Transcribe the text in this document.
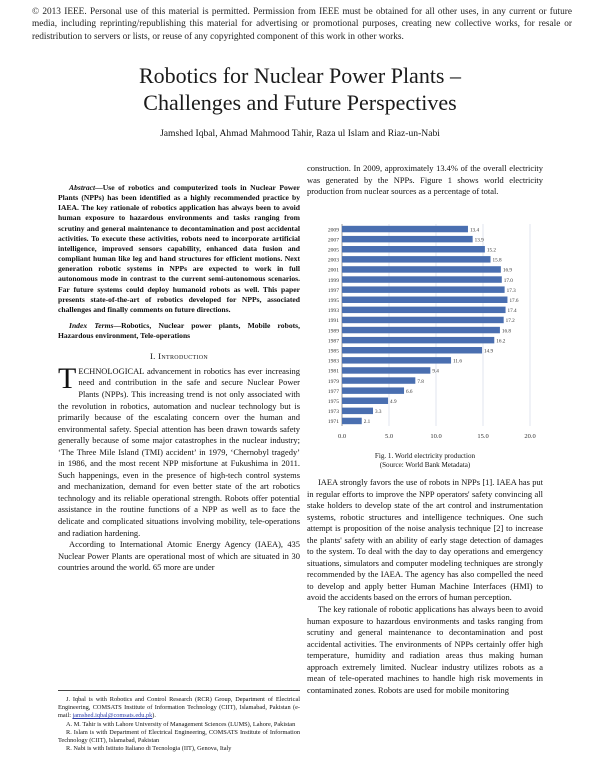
© 2013 IEEE. Personal use of this material is permitted. Permission from IEEE must be obtained for all other uses, in any current or future media, including reprinting/republishing this material for advertising or promotional purposes, creating new collective works, for resale or redistribution to servers or lists, or reuse of any copyrighted component of this work in other works.
Robotics for Nuclear Power Plants –
Challenges and Future Perspectives
Jamshed Iqbal, Ahmad Mahmood Tahir, Raza ul Islam and Riaz-un-Nabi

Abstract—Use of robotics and computerized tools in Nuclear Power Plants (NPPs) has been identified as a highly recommended practice by IAEA. The key rationale of robotics application has always been to avoid human exposure to hazardous environments and tasks ranging from scrutiny and general maintenance to decontamination and post accidental activities. To execute these activities, robots need to incorporate artificial intelligence, improved sensors capability, enhanced data fusion and compliant human like leg and hand structures for efficient motions. Next generation robotic systems in NPPs are expected to work in full autonomous mode in contrast to the current semi-autonomous scenarios. Far future systems could deploy humanoid robots as well. This paper presents state-of-the-art of robotics developed for NPPs, associated challenges and finally comments on future directions.

Index Terms—Robotics, Nuclear power plants, Mobile robots, Hazardous environment, Tele-operations

I. Introduction

TECHNOLOGICAL advancement in robotics has ever increasing need and contribution in the safe and secure Nuclear Power Plants (NPPs). This increasing trend is not only associated with the revolution in robotics, automation and nuclear technology but is primarily because of the escalating concern over the human and environmental safety. Special attention has been drawn towards safety generally because of some major catastrophes in the nuclear industry; ‘The Three Mile Island (TMI) accident’ in 1979, ‘Chernobyl tragedy’ in 1986, and the most recent NPP misfortune at Fukushima in 2011. Such happenings, even in the presence of high-tech control systems and mechanization, demand for even better state of the art robotics technology and its reliable operational strength. Robots offer potential assistance in the routine functions of a NPP as well as to face the delicate and complicated situations involving mobility, tele-operations and radiation hardening.

According to International Atomic Energy Agency (IAEA), 435 Nuclear Power Plants are operational most of which are situated in 30 countries around the world. 65 more are under

J. Iqbal is with Robotics and Control Research (RCR) Group, Department of Electrical Engineering, COMSATS Institute of Information Technology (CIIT), Islamabad, Pakistan (e-mail: jamshed.iqbal@comsats.edu.pk).

A. M. Tahir is with Lahore University of Management Sciences (LUMS), Lahore, Pakistan

R. Islam is with Department of Electrical Engineering, COMSATS Institute of Information Technology (CIIT), Islamabad, Pakistan

R. Nabi is with Istituto Italiano di Tecnologia (IIT), Genova, Italy

construction. In 2009, approximately 13.4% of the overall electricity was generated by the NPPs. Figure 1 shows world electricity production from nuclear sources as a percentage of total.

0.0	5.0	10.0	15.0	20.0
2009	13.4
2007	13.9
2005	15.2
2003	15.8
2001	16.9
1999	17.0
1997	17.3
1995	17.6
1993	17.4
1991	17.2
1989	16.8
1987	16.2
1985	14.9
1983	11.6
1981	9.4
1979	7.8
1977	6.6
1975	4.9
1973	3.3
1971	2.1
Fig. 1. World electricity production
(Source: World Bank Metadata)

IAEA strongly favors the use of robots in NPPs [1]. IAEA has put in regular efforts to improve the NPP operators' safety convincing all stake holders to develop state of the art control and instrumentation systems, robotic structures and intelligence techniques. One such attempt is proposition of the noise analysis technique [2] to increase the plants' safety with an ability of early stage detection of damages to the system. To deal with the day to day operations and emergency situations, simulators and computer modeling techniques are strongly recommended by the IAEA. The agency has also compelled the need to develop and apply better Human Machine Interfaces (HMI) to avoid the accidents based on the errors of human perception.

The key rationale of robotic applications has always been to avoid human exposure to hazardous environments and tasks ranging from scrutiny and general maintenance to decontamination and post accidental activities. The environments of NPPs certainly offer high temperature, humidity and radiation areas thus making human approach extremely limited. Nuclear industry utilizes robots as a mean of tele-operated machines to handle high risk movements in contaminated zones. Robots are used for mobile monitoring
